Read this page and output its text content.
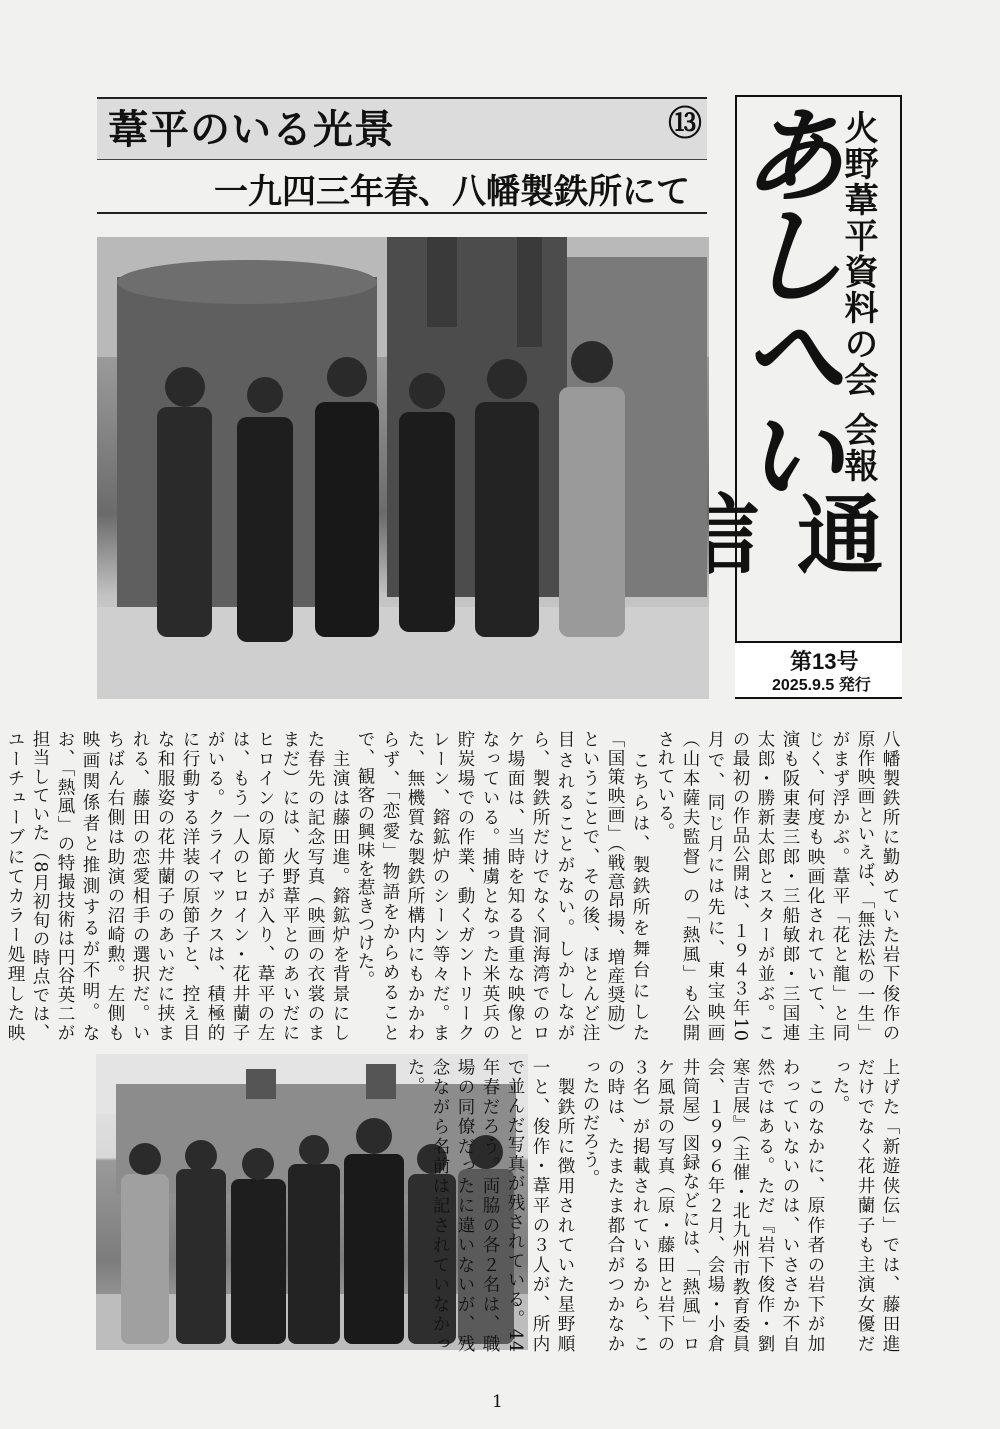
葦平のいる光景	⑬
一九四三年春、八幡製鉄所にて	火野葦平資料の会 会報
あしへい
通
第13号
2025.9.5 発行
八幡製鉄所に勤めていた岩下俊作の原作映画といえば、「無法松の一生」がまず浮かぶ。葦平「花と龍」と同じく、何度も映画化されていて、主演も阪東妻三郎・三船敏郎・三国連太郎・勝新太郎とスターが並ぶ。この最初の作品公開は、１９４３年10月で、同じ月には先に、東宝映画（山本薩夫監督）の「熱風」も公開されている。
　こちらは、製鉄所を舞台にした「国策映画」（戦意昂揚、増産奨励）ということで、その後、ほとんど注目されることがない。しかしながら、製鉄所だけでなく洞海湾でのロケ場面は、当時を知る貴重な映像となっている。捕虜となった米英兵の貯炭場での作業、動くガントリークレーン、鎔鉱炉のシーン等々だ。また、無機質な製鉄所構内にもかかわらず、「恋愛」物語をからめることで、観客の興味を惹きつけた。
　主演は藤田進。鎔鉱炉を背景にした春先の記念写真（映画の衣裳のままだ）には、火野葦平とのあいだにヒロインの原節子が入り、葦平の左は、もう一人のヒロイン・花井蘭子がいる。クライマックスは、積極的に行動する洋装の原節子と、控え目な和服姿の花井蘭子のあいだに挟まれる、藤田の恋愛相手の選択だ。いちばん右側は助演の沼崎勲。左側も映画関係者と推測するが不明。なお、「熱風」の特撮技術は円谷英二が担当していた（8月初旬の時点では、ユーチューブにてカラー処理した映

上げた「新遊侠伝」では、藤田進だけでなく花井蘭子も主演女優だった。
　このなかに、原作者の岩下が加わっていないのは、いささか不自然ではある。ただ『岩下俊作・劉寒吉展』（主催・北九州市教育委員会、１９９６年２月、会場・小倉井筒屋）図録などには、「熱風」ロケ風景の写真（原・藤田と岩下の３名）が掲載されているから、この時は、たまたま都合がつかなかったのだろう。
　製鉄所に徴用されていた星野順一と、俊作・葦平の３人が、所内で並んだ写真が残されている。44年春だろう。両脇の各２名は、職場の同僚だったに違いないが、残念ながら名前は記されていなかった。
1
